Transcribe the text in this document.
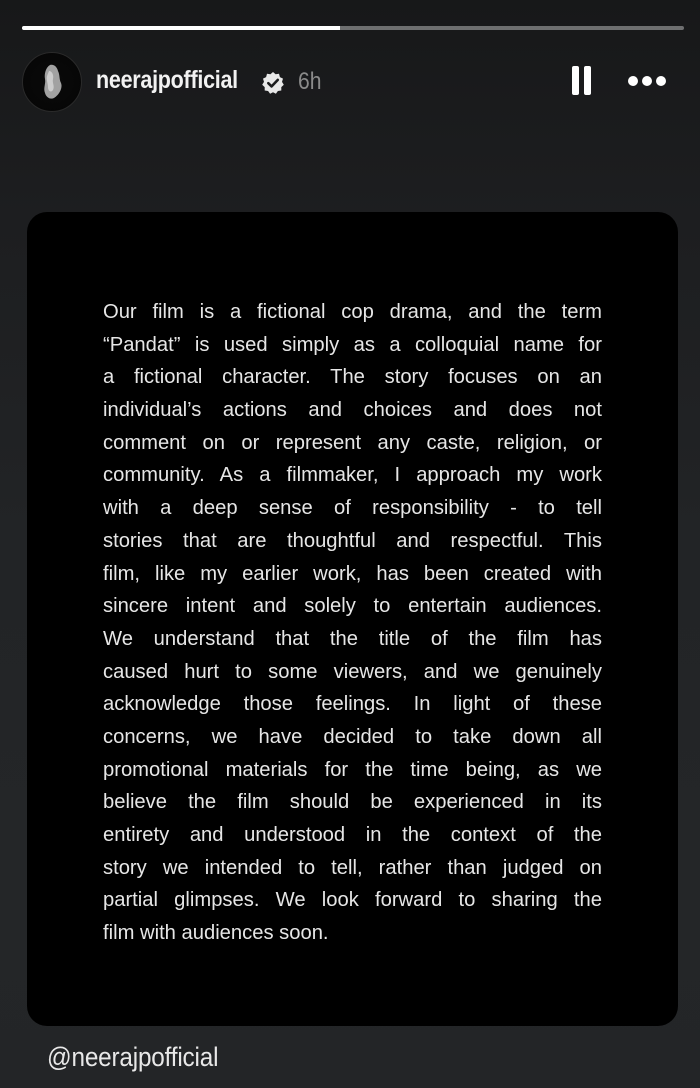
neerajpofficial	6h
Our film is a fictional cop drama, and the term
“Pandat” is used simply as a colloquial name for
a fictional character. The story focuses on an
individual’s actions and choices and does not
comment on or represent any caste, religion, or
community. As a filmmaker, I approach my work
with a deep sense of responsibility - to tell
stories that are thoughtful and respectful. This
film, like my earlier work, has been created with
sincere intent and solely to entertain audiences.
We understand that the title of the film has
caused hurt to some viewers, and we genuinely
acknowledge those feelings. In light of these
concerns, we have decided to take down all
promotional materials for the time being, as we
believe the film should be experienced in its
entirety and understood in the context of the
story we intended to tell, rather than judged on
partial glimpses. We look forward to sharing the
film with audiences soon.
@neerajpofficial
